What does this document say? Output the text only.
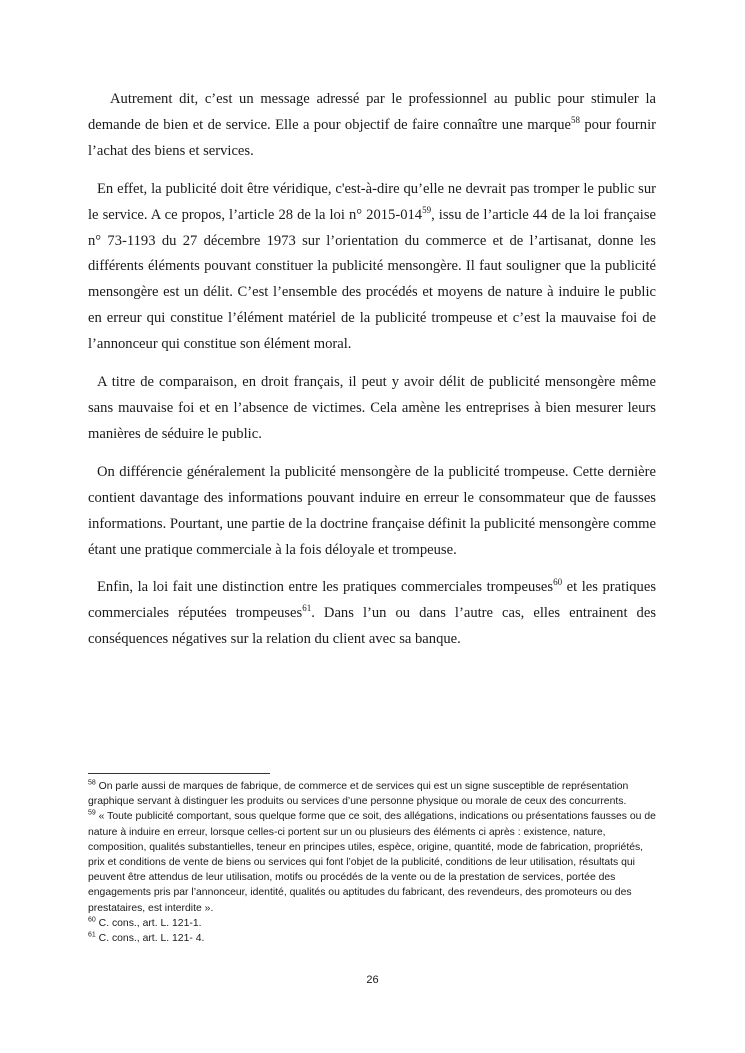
Autrement dit, c’est un message adressé par le professionnel au public pour stimuler la demande de bien et de service. Elle a pour objectif de faire connaître une marque$^{58}$ pour fournir l’achat des biens et services.

En effet, la publicité doit être véridique, c'est-à-dire qu’elle ne devrait pas tromper le public sur le service. A ce propos, l’article 28 de la loi n° $2015-014^{59}$, issu de l’article 44 de la loi française n° 73-1193 du 27 décembre 1973 sur l’orientation du commerce et de l’artisanat, donne les différents éléments pouvant constituer la publicité mensongère. Il faut souligner que la publicité mensongère est un délit. C’est l’ensemble des procédés et moyens de nature à induire le public en erreur qui constitue l’élément matériel de la publicité trompeuse et c’est la mauvaise foi de l’annonceur qui constitue son élément moral.

A titre de comparaison, en droit français, il peut y avoir délit de publicité mensongère même sans mauvaise foi et en l’absence de victimes. Cela amène les entreprises à bien mesurer leurs manières de séduire le public.

On différencie généralement la publicité mensongère de la publicité trompeuse. Cette dernière contient davantage des informations pouvant induire en erreur le consommateur que de fausses informations. Pourtant, une partie de la doctrine française définit la publicité mensongère comme étant une pratique commerciale à la fois déloyale et trompeuse.

Enfin, la loi fait une distinction entre les pratiques commerciales trompeuses$^{60}$ et les pratiques commerciales réputées trompeuses$^{61}$. Dans l’un ou dans l’autre cas, elles entrainent des conséquences négatives sur la relation du client avec sa banque.

$^{58}$ On parle aussi de marques de fabrique, de commerce et de services qui est un signe susceptible de représentation graphique servant à distinguer les produits ou services d’une personne physique ou morale de ceux des concurrents.

$^{59}$ « Toute publicité comportant, sous quelque forme que ce soit, des allégations, indications ou présentations fausses ou de nature à induire en erreur, lorsque celles-ci portent sur un ou plusieurs des éléments ci après : existence, nature, composition, qualités substantielles, teneur en principes utiles, espèce, origine, quantité, mode de fabrication, propriétés, prix et conditions de vente de biens ou services qui font l’objet de la publicité, conditions de leur utilisation, résultats qui peuvent être attendus de leur utilisation, motifs ou procédés de la vente ou de la prestation de services, portée des engagements pris par l’annonceur, identité, qualités ou aptitudes du fabricant, des revendeurs, des promoteurs ou des prestataires, est interdite ».

$^{60}$ C. cons., art. L. 121-1.

$^{61}$ C. cons., art. L. 121- 4.

26
